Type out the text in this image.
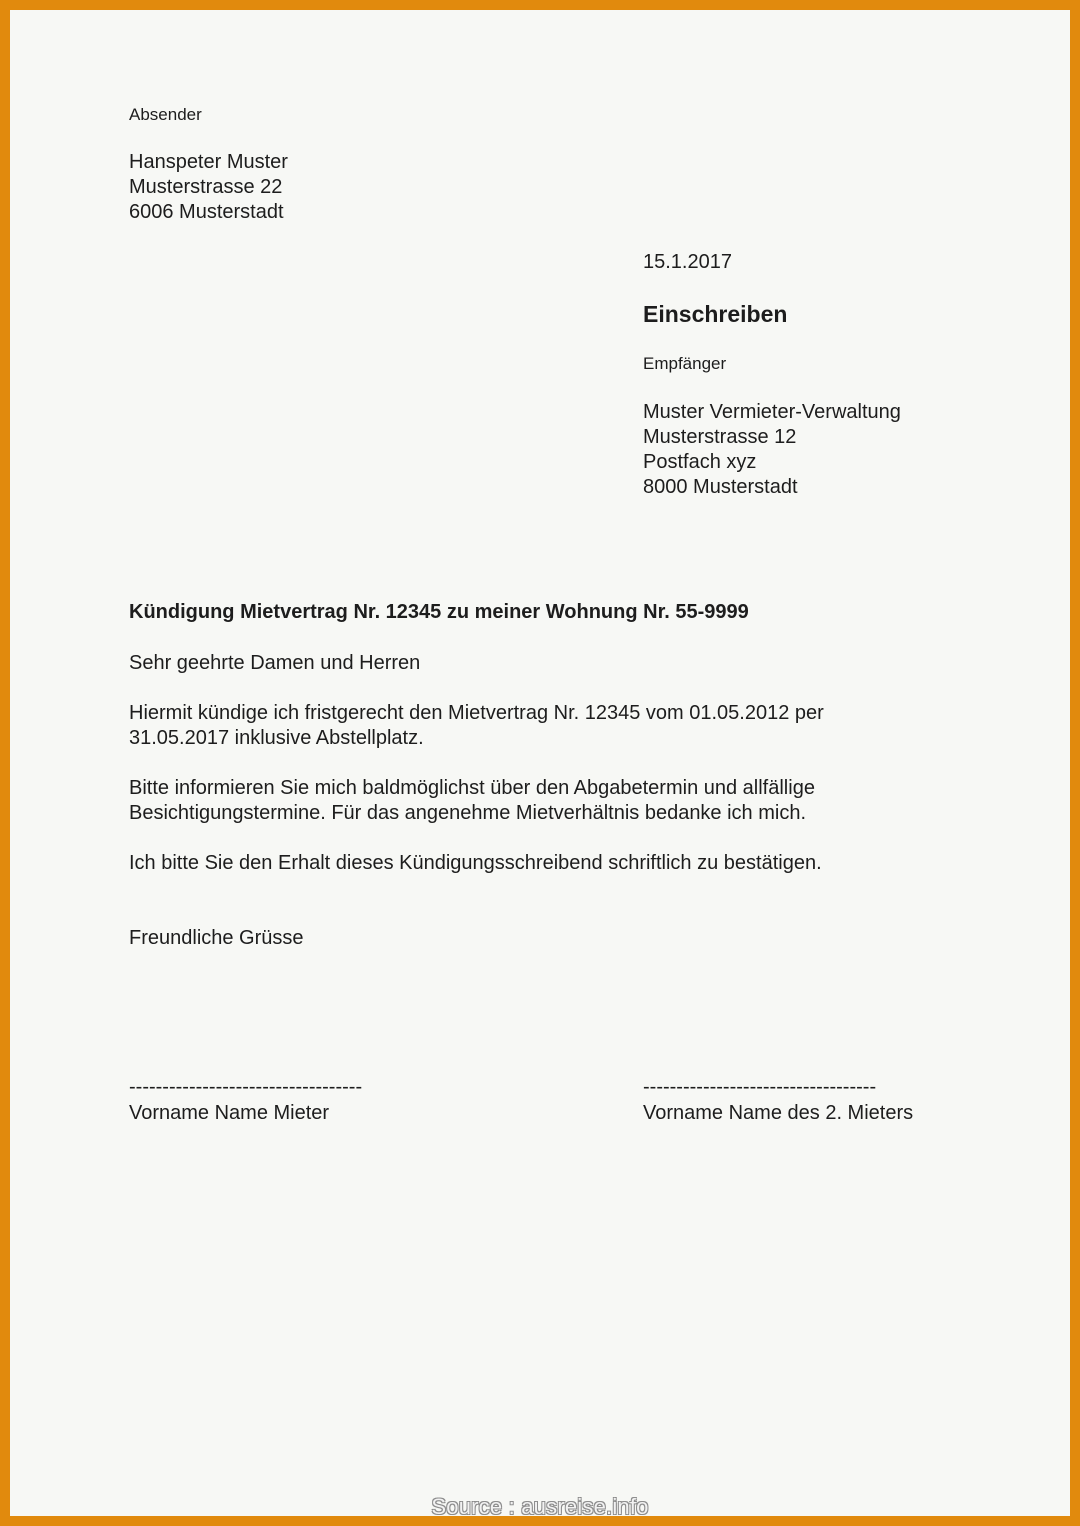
Absender
Hanspeter Muster
Musterstrasse 22
6006 Musterstadt
15.1.2017
Einschreiben
Empfänger
Muster Vermieter-Verwaltung
Musterstrasse 12
Postfach xyz
8000 Musterstadt
Kündigung Mietvertrag Nr. 12345 zu meiner Wohnung Nr. 55-9999
Sehr geehrte Damen und Herren
Hiermit kündige ich fristgerecht den Mietvertrag Nr. 12345 vom 01.05.2012 per
31.05.2017 inklusive Abstellplatz.
Bitte informieren Sie mich baldmöglichst über den Abgabetermin und allfällige
Besichtigungstermine. Für das angenehme Mietverhältnis bedanke ich mich.
Ich bitte Sie den Erhalt dieses Kündigungsschreibend schriftlich zu bestätigen.
Freundliche Grüsse
-----------------------------------	-----------------------------------
Vorname Name Mieter	Vorname Name des 2. Mieters
Source : ausreise.info
